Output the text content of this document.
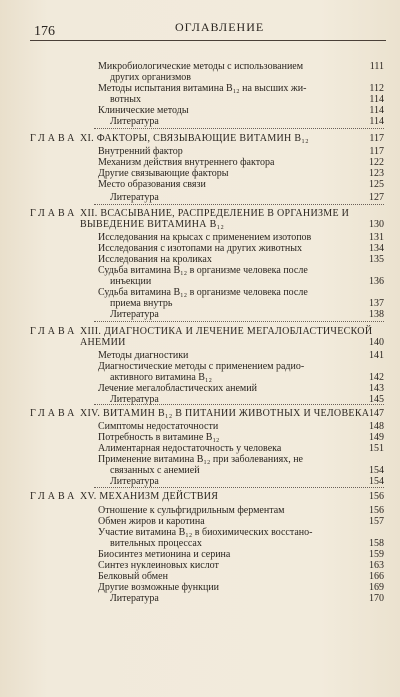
176	ОГЛАВЛЕНИЕ
Микробиологические методы с использованием	111
других организмов
Методы испытания витамина B₁₂ на высших жи-	112
вотных	114
Клинические методы	114
Литература	114
ГЛАВА XI. ФАКТОРЫ, СВЯЗЫВАЮЩИЕ ВИТАМИН B₁₂	117
Внутренний фактор	117
Механизм действия внутреннего фактора	122
Другие связывающие факторы	123
Место образования связи	125
Литература	127
ГЛАВА XII. ВСАСЫВАНИЕ, РАСПРЕДЕЛЕНИЕ В ОРГАНИЗМЕ И
ВЫВЕДЕНИЕ ВИТАМИНА B₁₂	130
Исследования на крысах с применением изотопов	131
Исследования с изотопами на других животных	134
Исследования на кроликах	135
Судьба витамина B₁₂ в организме человека после
инъекции	136
Судьба витамина B₁₂ в организме человека после
приема внутрь	137
Литература	138
ГЛАВА XIII. ДИАГНОСТИКА И ЛЕЧЕНИЕ МЕГАЛОБЛАСТИЧЕСКОЙ
АНЕМИИ	140
Методы диагностики	141
Диагностические методы с применением радио-
активного витамина B₁₂	142
Лечение мегалобластических анемий	143
Литература	145
ГЛАВА XIV. ВИТАМИН B₁₂ В ПИТАНИИ ЖИВОТНЫХ И ЧЕЛОВЕКА 147
Симптомы недостаточности	148
Потребность в витамине B₁₂	149
Алиментарная недостаточность у человека	151
Применение витамина B₁₂ при заболеваниях, не
связанных с анемией	154
Литература	154
ГЛАВА XV. МЕХАНИЗМ ДЕЙСТВИЯ	156
Отношение к сульфгидрильным ферментам	156
Обмен жиров и каротина	157
Участие витамина B₁₂ в биохимических восстано-
вительных процессах	158
Биосинтез метионина и серина	159
Синтез нуклеиновых кислот	163
Белковый обмен	166
Другие возможные функции	169
Литература	170
